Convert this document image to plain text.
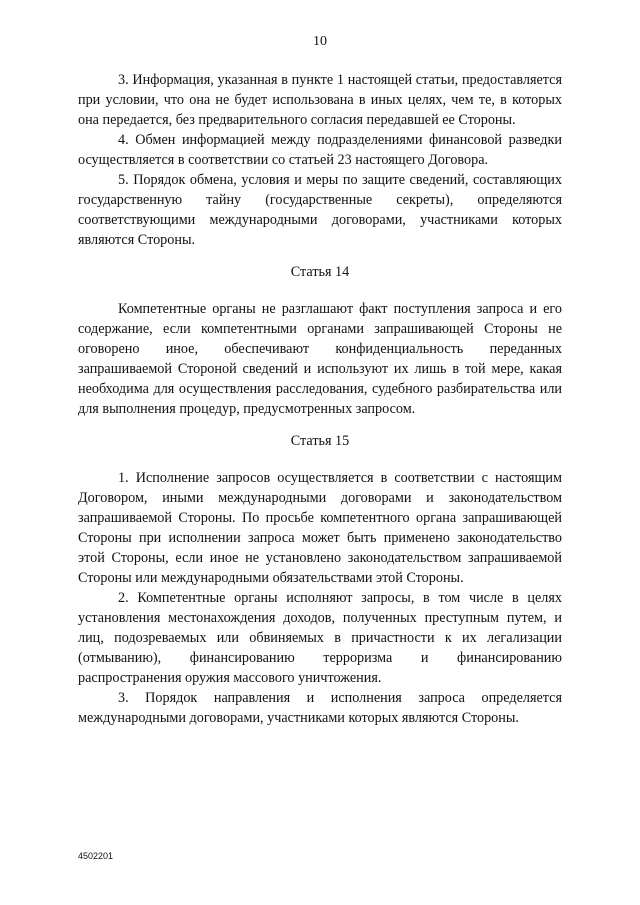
10

3. Информация, указанная в пункте 1 настоящей статьи, предоставляется при условии, что она не будет использована в иных целях, чем те, в которых она передается, без предварительного согласия передавшей ее Стороны.

4. Обмен информацией между подразделениями финансовой разведки осуществляется в соответствии со статьей 23 настоящего Договора.

5. Порядок обмена, условия и меры по защите сведений, составляющих государственную тайну (государственные секреты), определяются соответствующими международными договорами, участниками которых являются Стороны.

Статья 14

Компетентные органы не разглашают факт поступления запроса и его содержание, если компетентными органами запрашивающей Стороны не оговорено иное, обеспечивают конфиденциальность переданных запрашиваемой Стороной сведений и используют их лишь в той мере, какая необходима для осуществления расследования, судебного разбирательства или для выполнения процедур, предусмотренных запросом.

Статья 15

1. Исполнение запросов осуществляется в соответствии с настоящим Договором, иными международными договорами и законодательством запрашиваемой Стороны. По просьбе компетентного органа запрашивающей Стороны при исполнении запроса может быть применено законодательство этой Стороны, если иное не установлено законодательством запрашиваемой Стороны или международными обязательствами этой Стороны.

2. Компетентные органы исполняют запросы, в том числе в целях установления местонахождения доходов, полученных преступным путем, и лиц, подозреваемых или обвиняемых в причастности к их легализации (отмыванию), финансированию терроризма и финансированию распространения оружия массового уничтожения.

3. Порядок направления и исполнения запроса определяется международными договорами, участниками которых являются Стороны.

4502201
